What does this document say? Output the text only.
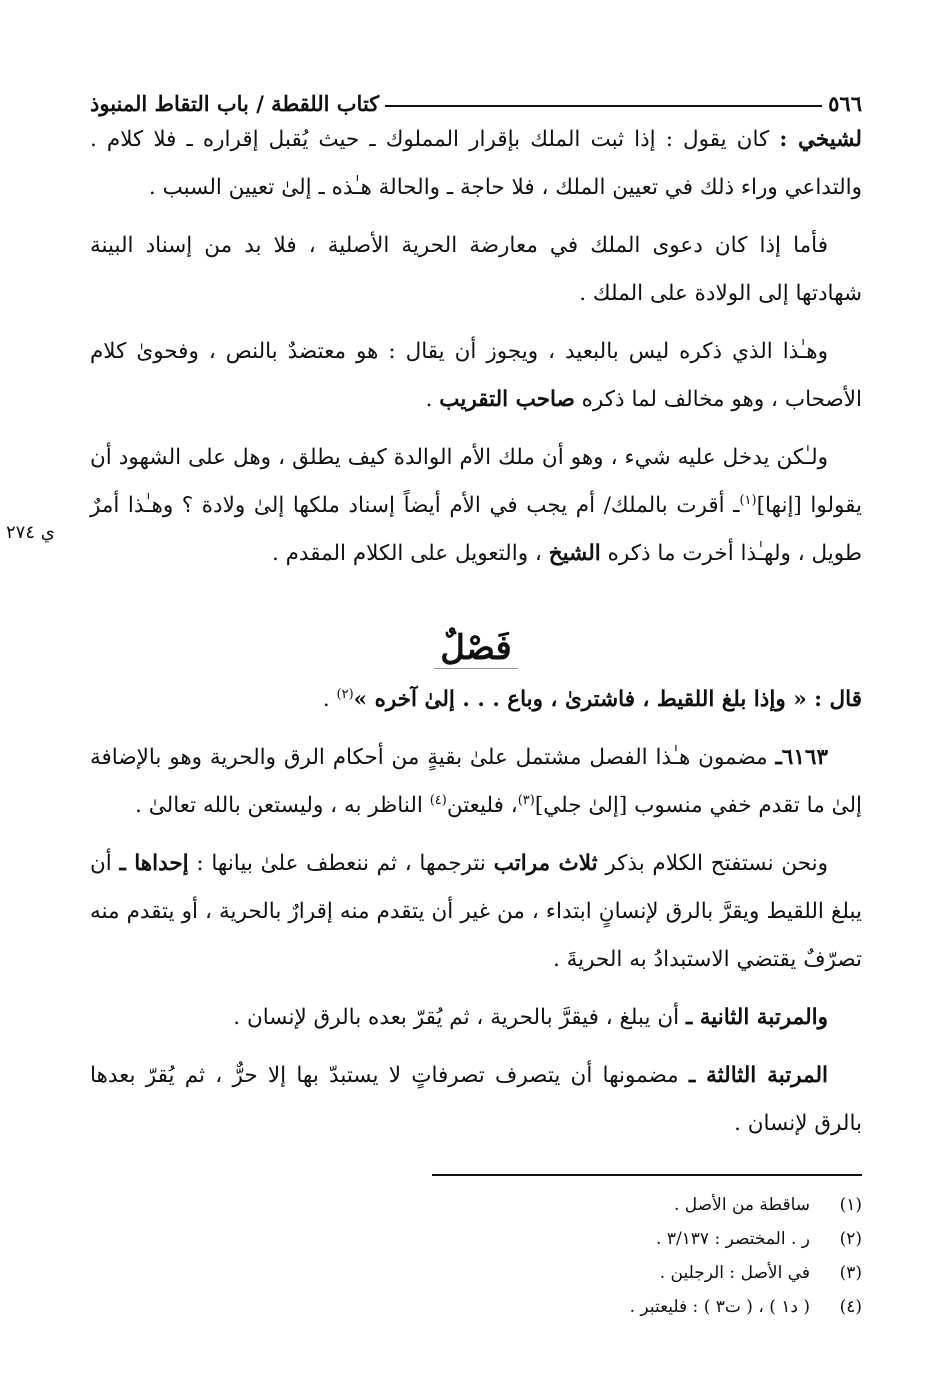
٥٦٦
كتاب اللقطة / باب التقاط المنبوذ
ي ٢٧٤

لشيخي : كان يقول : إذا ثبت الملك بإقرار المملوك ـ حيث يُقبل إقراره ـ فلا كلام . والتداعي وراء ذلك في تعيين الملك ، فلا حاجة ـ والحالة هـٰذه ـ إلىٰ تعيين السبب .

فأما إذا كان دعوى الملك في معارضة الحرية الأصلية ، فلا بد من إسناد البينة شهادتها إلى الولادة على الملك .

وهـٰذا الذي ذكره ليس بالبعيد ، ويجوز أن يقال : هو معتضدٌ بالنص ، وفحوىٰ كلام الأصحاب ، وهو مخالف لما ذكره صاحب التقريب .

ولـٰكن يدخل عليه شيء ، وهو أن ملك الأم الوالدة كيف يطلق ، وهل على الشهود أن يقولوا [إنها]$^{(١)}$ـ أقرت بالملك/ أم يجب في الأم أيضاً إسناد ملكها إلىٰ ولادة ؟ وهـٰذا أمرٌ طويل ، ولهـٰذا أخرت ما ذكره الشيخ ، والتعويل على الكلام المقدم .

فَصْلٌ

قال : « وإذا بلغ اللقيط ، فاشترىٰ ، وباع . . . إلىٰ آخره »$^{(٢)}$ .

٦١٦٣ـ مضمون هـٰذا الفصل مشتمل علىٰ بقيةٍ من أحكام الرق والحرية وهو بالإضافة إلىٰ ما تقدم خفي منسوب [إلىٰ جلي]$^{(٣)}$، فليعتن$^{(٤)}$ الناظر به ، وليستعن بالله تعالىٰ .

ونحن نستفتح الكلام بذكر ثلاث مراتب نترجمها ، ثم ننعطف علىٰ بيانها : إحداها ـ أن يبلغ اللقيط ويقرَّ بالرق لإنسانٍ ابتداء ، من غير أن يتقدم منه إقرارٌ بالحرية ، أو يتقدم منه تصرّفٌ يقتضي الاستبدادُ به الحريةَ .

والمرتبة الثانية ـ أن يبلغ ، فيقرَّ بالحرية ، ثم يُقرّ بعده بالرق لإنسان .

المرتبة الثالثة ـ مضمونها أن يتصرف تصرفاتٍ لا يستبدّ بها إلا حرٌّ ، ثم يُقرّ بعدها بالرق لإنسان .

(١)
ساقطة من الأصل .
(٢)
ر . المختصر : ٣/١٣٧ .
(٣)
في الأصل : الرجلين .
(٤)
( د١ ) ، ( ت٣ ) : فليعتبر .
